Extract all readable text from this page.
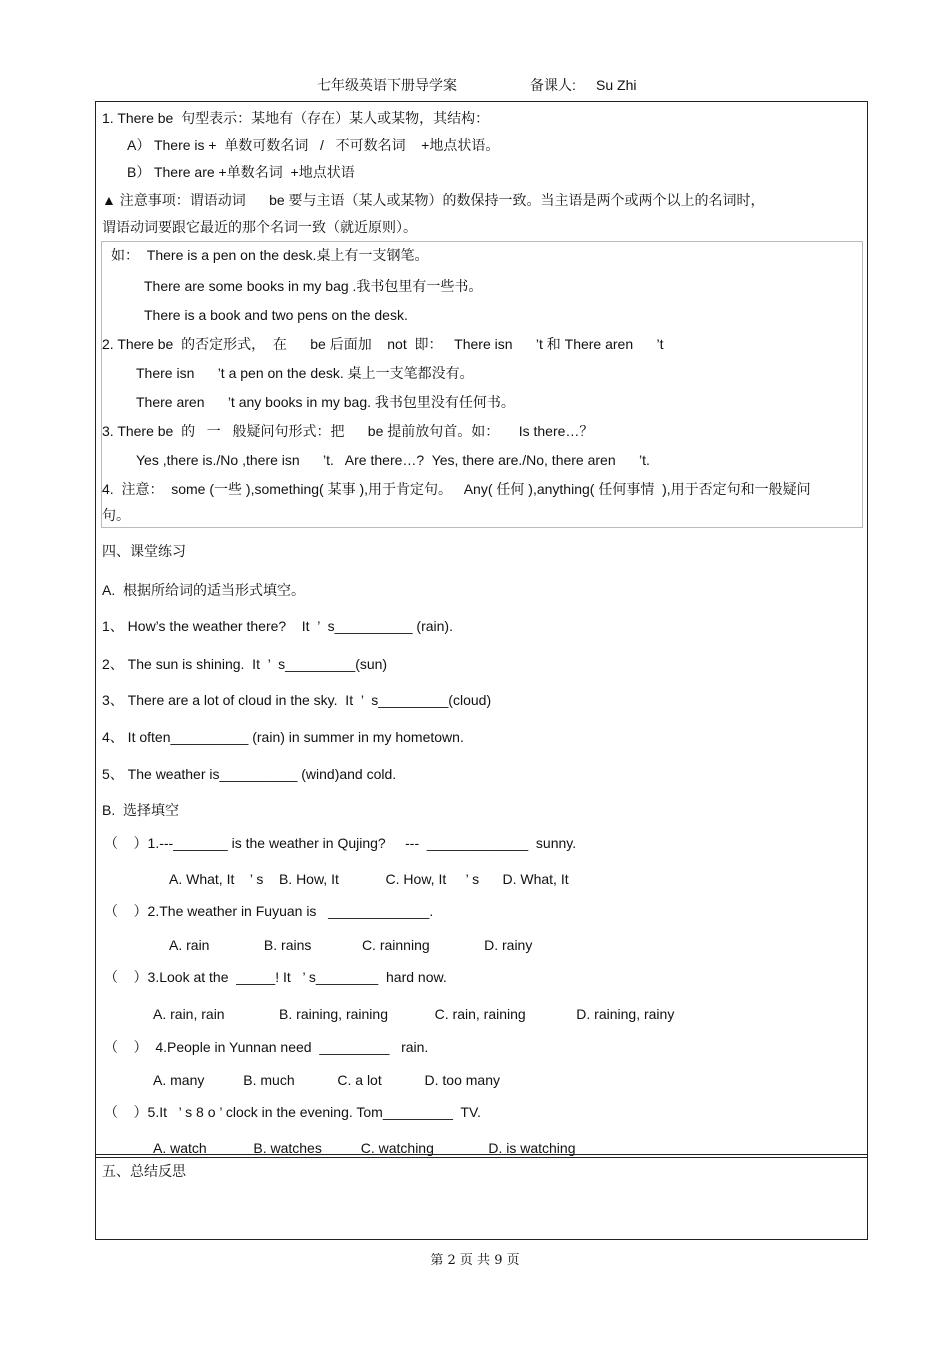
七年级英语下册导学案	备课人: Su Zhi
1. There be  句型表示：某地有（存在）某人或某物，其结构：
A） There is +  单数可数名词   /   不可数名词    +地点状语。
B） There are +单数名词  +地点状语
▲ 注意事项：谓语动词      be 要与主语（某人或某物）的数保持一致。当主语是两个或两个以上的名词时，
谓语动词要跟它最近的那个名词一致（就近原则）。
如：  There is a pen on the desk.桌上有一支钢笔。
There are some books in my bag .我书包里有一些书。
There is a book and two pens on the desk.
2. There be  的否定形式，  在      be 后面加    not  即：   There isn      ’t 和 There aren      ’t
There isn      ’t a pen on the desk. 桌上一支笔都没有。
There aren      ’t any books in my bag. 我书包里没有任何书。
3. There be  的   一   般疑问句形式：把      be 提前放句首。如：     Is there…？
Yes ,there is./No ,there isn      ’t.   Are there…?  Yes, there are./No, there aren      ’t.
4.  注意：  some (一些 ),something( 某事 ),用于肯定句。   Any( 任何 ),anything( 任何事情  ),用于否定句和一般疑问
句。
四、课堂练习
A.  根据所给词的适当形式填空。
1、 How’s the weather there?    It  ’  s__________ (rain).
2、 The sun is shining.  It  ’  s_________(sun)
3、 There are a lot of cloud in the sky.  It  ’  s_________(cloud)
4、 It often__________ (rain) in summer in my hometown.
5、 The weather is__________ (wind)and cold.
B.  选择填空
（    ）1.---_______ is the weather in Qujing?     ---  _____________  sunny.
A. What, It    ’ s    B. How, It            C. How, It     ’ s      D. What, It
（    ）2.The weather in Fuyuan is   _____________.
A. rain              B. rains             C. rainning              D. rainy
（    ）3.Look at the  _____! It   ’ s________  hard now.
A. rain, rain              B. raining, raining            C. rain, raining             D. raining, rainy
（    ）  4.People in Yunnan need  _________   rain.
A. many          B. much           C. a lot           D. too many
（    ）5.It   ’ s 8 o ’ clock in the evening. Tom_________  TV.
A. watch            B. watches          C. watching              D. is watching
五、总结反思
第 2 页 共 9 页
